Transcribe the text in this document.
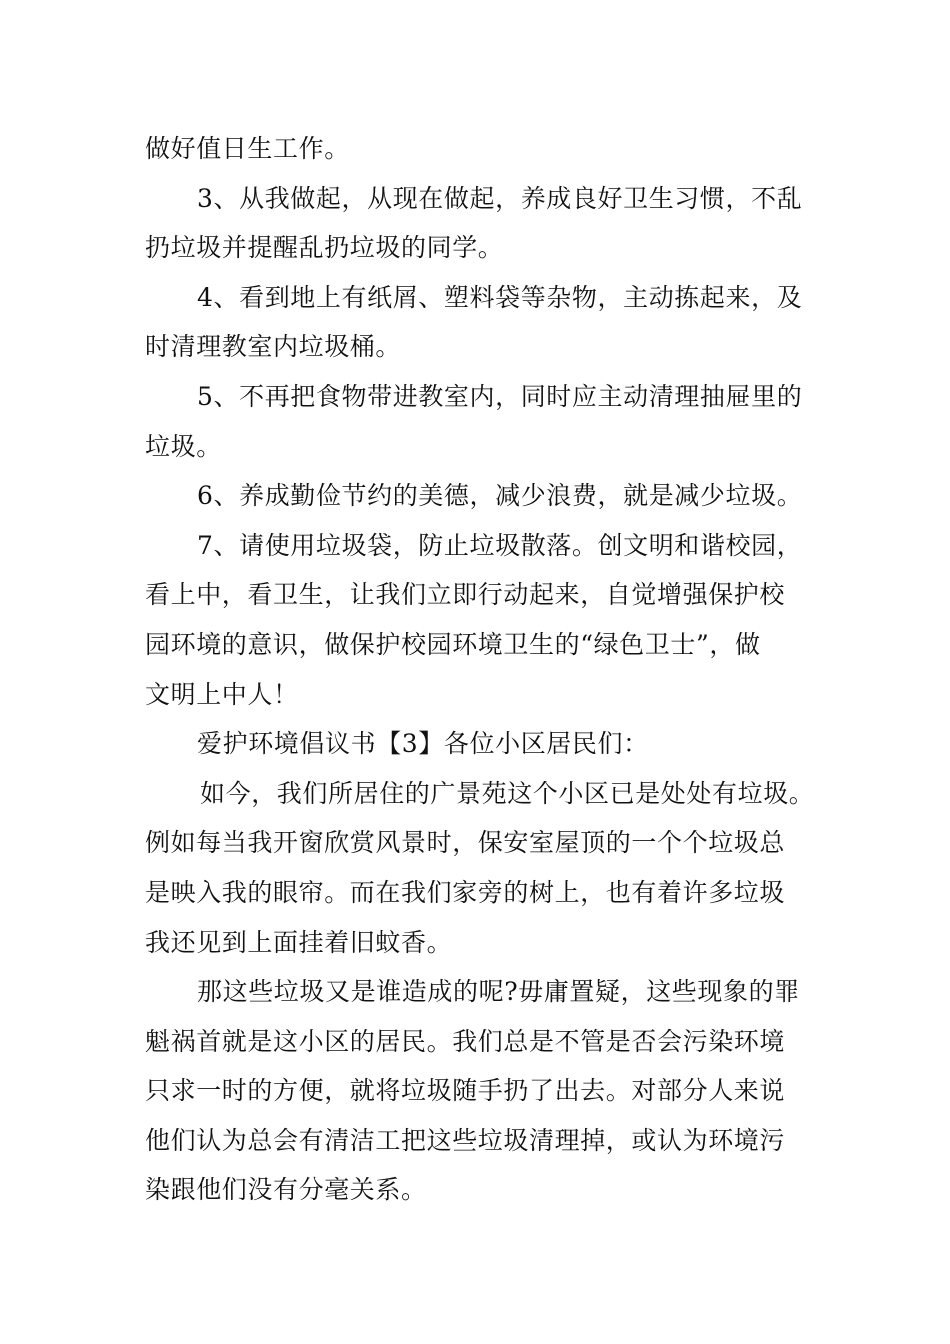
做好值日生工作。
3、从我做起，从现在做起，养成良好卫生习惯，不乱
扔垃圾并提醒乱扔垃圾的同学。
4、看到地上有纸屑、塑料袋等杂物，主动拣起来，及
时清理教室内垃圾桶。
5、不再把食物带进教室内，同时应主动清理抽屉里的
垃圾。
6、养成勤俭节约的美德，减少浪费，就是减少垃圾。
7、请使用垃圾袋，防止垃圾散落。创文明和谐校园，
看上中，看卫生，让我们立即行动起来，自觉增强保护校
园环境的意识，做保护校园环境卫生的“绿色卫士”，做
文明上中人！
爱护环境倡议书【3】各位小区居民们：
如今，我们所居住的广景苑这个小区已是处处有垃圾。
例如每当我开窗欣赏风景时，保安室屋顶的一个个垃圾总
是映入我的眼帘。而在我们家旁的树上，也有着许多垃圾
我还见到上面挂着旧蚊香。
那这些垃圾又是谁造成的呢?毋庸置疑，这些现象的罪
魁祸首就是这小区的居民。我们总是不管是否会污染环境
只求一时的方便，就将垃圾随手扔了出去。对部分人来说
他们认为总会有清洁工把这些垃圾清理掉，或认为环境污
染跟他们没有分毫关系。
